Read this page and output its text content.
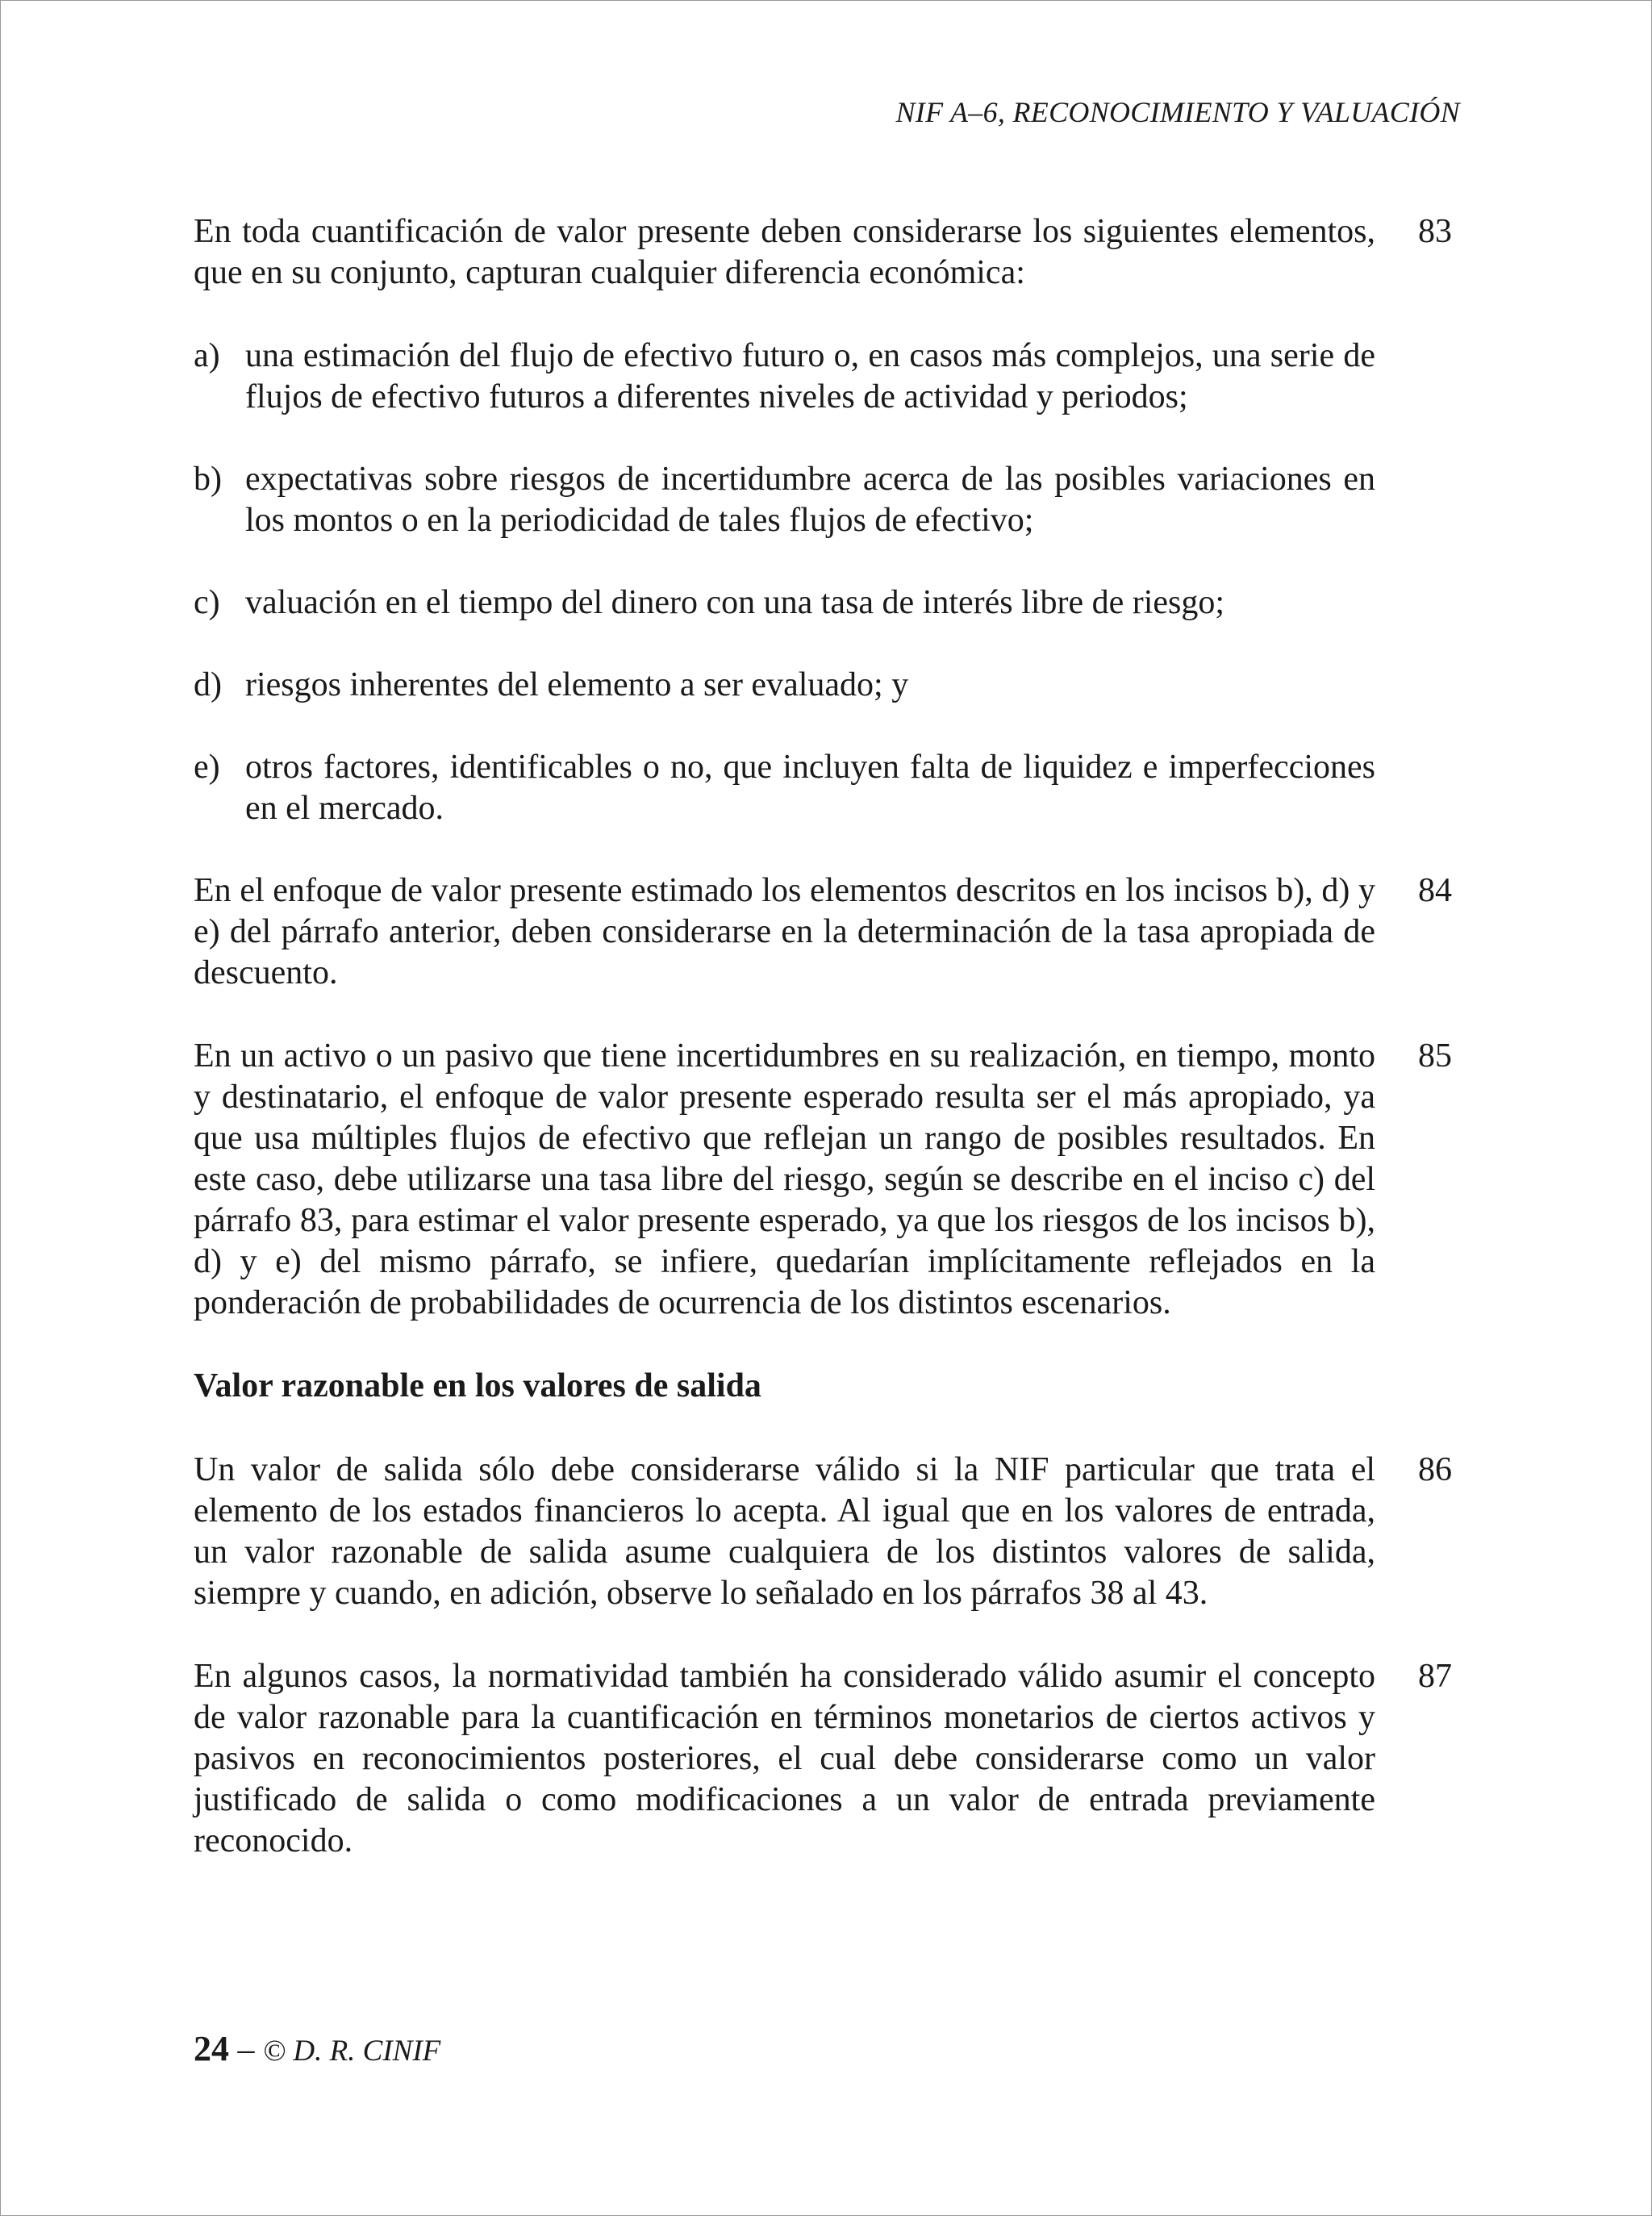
NIF A–6, RECONOCIMIENTO Y VALUACIÓN
En toda cuantificación de valor presente deben considerarse los siguientes elementos, que en su conjunto, capturan cualquier diferencia económica:
83
a) una estimación del flujo de efectivo futuro o, en casos más complejos, una serie de flujos de efectivo futuros a diferentes niveles de actividad y periodos;
b) expectativas sobre riesgos de incertidumbre acerca de las posibles variaciones en los montos o en la periodicidad de tales flujos de efectivo;
c) valuación en el tiempo del dinero con una tasa de interés libre de riesgo;
d) riesgos inherentes del elemento a ser evaluado; y
e) otros factores, identificables o no, que incluyen falta de liquidez e imperfecciones en el mercado.
En el enfoque de valor presente estimado los elementos descritos en los incisos b), d) y e) del párrafo anterior, deben considerarse en la determinación de la tasa apropiada de descuento.
84
En un activo o un pasivo que tiene incertidumbres en su realización, en tiempo, monto y destinatario, el enfoque de valor presente esperado resulta ser el más apropiado, ya que usa múltiples flujos de efectivo que reflejan un rango de posibles resultados. En este caso, debe utilizarse una tasa libre del riesgo, según se describe en el inciso c) del párrafo 83, para estimar el valor presente esperado, ya que los riesgos de los incisos b), d) y e) del mismo párrafo, se infiere, quedarían implícitamente reflejados en la ponderación de probabilidades de ocurrencia de los distintos escenarios.
85
Valor razonable en los valores de salida
Un valor de salida sólo debe considerarse válido si la NIF particular que trata el elemento de los estados financieros lo acepta. Al igual que en los valores de entrada, un valor razonable de salida asume cualquiera de los distintos valores de salida, siempre y cuando, en adición, observe lo señalado en los párrafos 38 al 43.
86
En algunos casos, la normatividad también ha considerado válido asumir el concepto de valor razonable para la cuantificación en términos monetarios de ciertos activos y pasivos en reconocimientos posteriores, el cual debe considerarse como un valor justificado de salida o como modificaciones a un valor de entrada previamente reconocido.
87
24 – © D. R. CINIF
